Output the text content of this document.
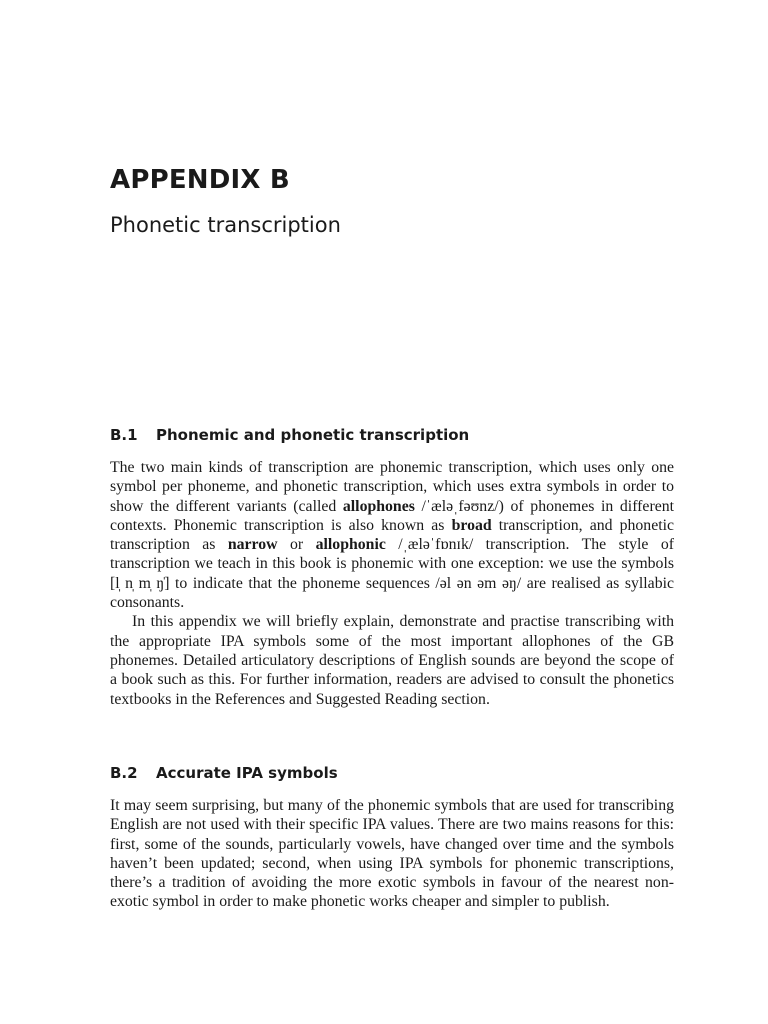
APPENDIX B
Phonetic transcription
B.1 Phonemic and phonetic transcription

The two main kinds of transcription are phonemic transcription, which uses only one symbol per phoneme, and phonetic transcription, which uses extra symbols in order to show the different variants (called allophones /ˈæləˌfəʊnz/) of phonemes in different contexts. Phonemic transcription is also known as broad transcription, and phonetic transcription as narrow or allophonic /ˌæləˈfɒnɪk/ transcription. The style of transcription we teach in this book is phonemic with one exception: we use the symbols [l̩ n̩ m̩ ŋ̍] to indicate that the phoneme sequences /əl ən əm əŋ/ are realised as syllabic consonants.

In this appendix we will briefly explain, demonstrate and practise transcribing with the appropriate IPA symbols some of the most important allophones of the GB phonemes. Detailed articulatory descriptions of English sounds are beyond the scope of a book such as this. For further information, readers are advised to consult the phonetics textbooks in the References and Suggested Reading section.

B.2 Accurate IPA symbols

It may seem surprising, but many of the phonemic symbols that are used for transcribing English are not used with their specific IPA values. There are two mains reasons for this: first, some of the sounds, particularly vowels, have changed over time and the symbols haven’t been updated; second, when using IPA symbols for phonemic transcriptions, there’s a tradition of avoiding the more exotic symbols in favour of the nearest non-exotic symbol in order to make phonetic works cheaper and simpler to publish.
